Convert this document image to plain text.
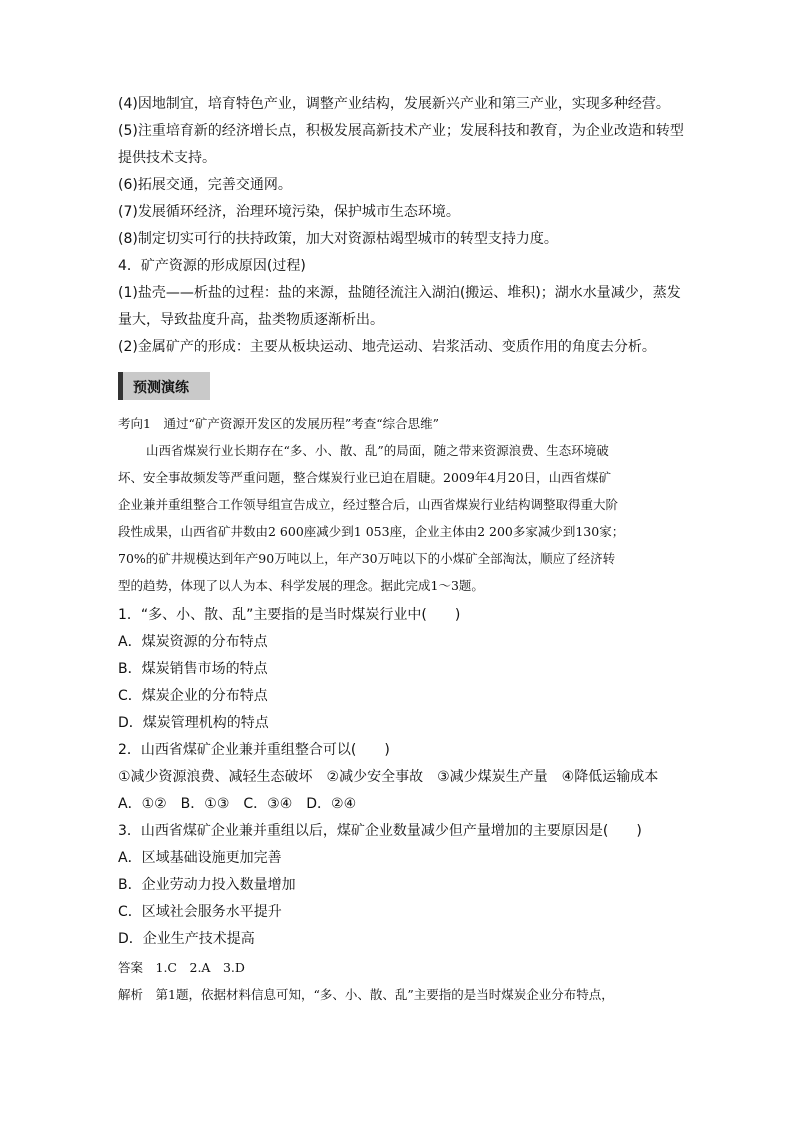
(4)因地制宜，培育特色产业，调整产业结构，发展新兴产业和第三产业，实现多种经营。
(5)注重培育新的经济增长点，积极发展高新技术产业；发展科技和教育，为企业改造和转型
提供技术支持。
(6)拓展交通，完善交通网。
(7)发展循环经济，治理环境污染，保护城市生态环境。
(8)制定切实可行的扶持政策，加大对资源枯竭型城市的转型支持力度。
4．矿产资源的形成原因(过程)
(1)盐壳——析盐的过程：盐的来源，盐随径流注入湖泊(搬运、堆积)；湖水水量减少，蒸发
量大，导致盐度升高，盐类物质逐渐析出。
(2)金属矿产的形成：主要从板块运动、地壳运动、岩浆活动、变质作用的角度去分析。
预测演练
考向1　通过“矿产资源开发区的发展历程”考查“综合思维”
山西省煤炭行业长期存在“多、小、散、乱”的局面，随之带来资源浪费、生态环境破
坏、安全事故频发等严重问题，整合煤炭行业已迫在眉睫。2009年4月20日，山西省煤矿
企业兼并重组整合工作领导组宣告成立，经过整合后，山西省煤炭行业结构调整取得重大阶
段性成果，山西省矿井数由2 600座减少到1 053座，企业主体由2 200多家减少到130家；
70%的矿井规模达到年产90万吨以上，年产30万吨以下的小煤矿全部淘汰，顺应了经济转
型的趋势，体现了以人为本、科学发展的理念。据此完成1～3题。
1．“多、小、散、乱”主要指的是当时煤炭行业中(　　)
A．煤炭资源的分布特点
B．煤炭销售市场的特点
C．煤炭企业的分布特点
D．煤炭管理机构的特点
2．山西省煤矿企业兼并重组整合可以(　　)
①减少资源浪费、减轻生态破坏　②减少安全事故　③减少煤炭生产量　④降低运输成本
A．①②　B．①③　C．③④　D．②④
3．山西省煤矿企业兼并重组以后，煤矿企业数量减少但产量增加的主要原因是(　　)
A．区域基础设施更加完善
B．企业劳动力投入数量增加
C．区域社会服务水平提升
D．企业生产技术提高
答案　1.C　2.A　3.D
解析　第1题，依据材料信息可知，“多、小、散、乱”主要指的是当时煤炭企业分布特点，
